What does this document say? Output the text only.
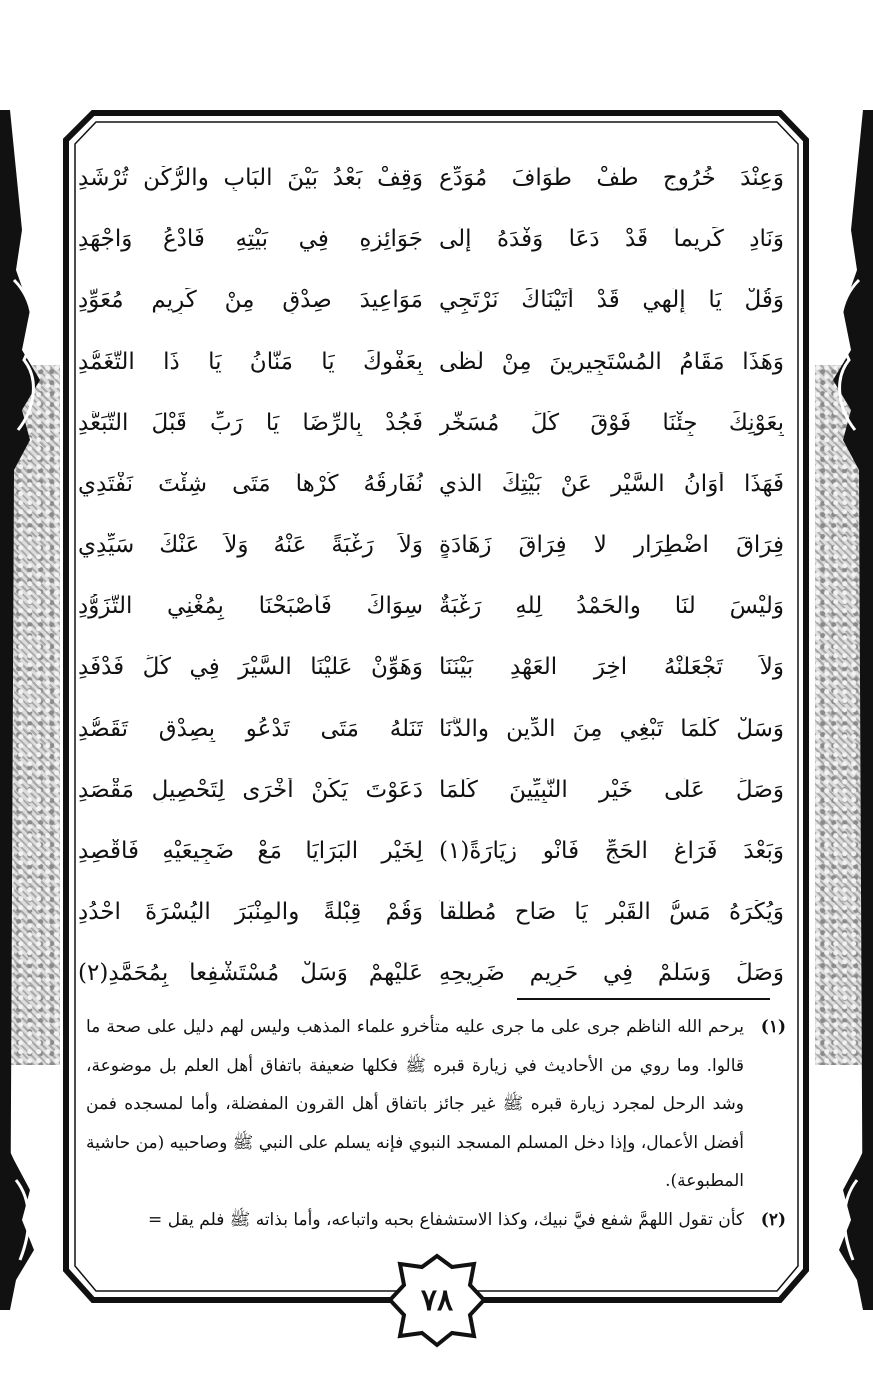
وَعِنْدَ خُرُوجٍ طُفْ طَوَافَ مُوَدِّعٍ
وَقِفْ بَعْدُ بَيْنَ البَابِ والرُّكْنِ تُرْشَدِ
وَنَادِ كَرِيماً قَدْ دَعَا وَفْدَهُ إِلَى
جَوَائِزِهِ فِي بَيْتِهِ فَادْعُ وَاجْهَدِ
وَقُلْ يَا إِلَهِي قَدْ أَتَيْنَاكَ نَرْتَجِي
مَوَاعِيدَ صِدْقٍ مِنْ كَرِيمٍ مُعَوِّدِ
وَهَذَا مَقَامُ المُسْتَجِيرِينَ مِنْ لَظَى
بِعَفْوِكَ يَا مَنَّانُ يَا ذَا التَّغَمُّدِ
بِعَوْنِكَ جِئْنَا فَوْقَ كُلِّ مُسَخَّرٍ
فَجُدْ بِالرِّضَا يَا رَبِّ قَبْلَ التَّبَعُّدِ
فَهَذَا أَوَانُ السَّيْرِ عَنْ بَيْتِكَ الذي
نُفَارِقُهُ كُرْهاً مَتَى شِئْتَ نَفْتَدِي
فِرَاقَ اضْطِرَارٍ لا فِرَاقَ زَهَادَةٍ
وَلاَ رَغْبَةً عَنْهُ وَلاَ عَنْكَ سَيِّدِي
وَلَيْسَ لَنَا والحَمْدُ لِلَّهِ رَغْبَةٌ
سِوَاكَ فَأَصْبَحْنَا بِمُغْنِي التَّزَوُّدِ
وَلاَ تَجْعَلَنْهُ آخِرَ العَهْدِ بَيْنَنَا
وَهَوِّنْ عَلَيْنَا السَّيْرَ فِي كُلِّ فَدْفَدِ
وَسَلْ كُلَّمَا تَبْغِي مِنَ الدِّينِ والدُّنَا
تَنَلْهُ مَتَى تَدْعُو بِصِدْقٍ تَقَصُّدِ
وَصَلِّ عَلَى خَيْرِ النَّبِيِّينَ كُلَّمَا
دَعَوْتَ يَكُنْ أُخْرَى لِتَحْصِيلِ مَقْصَدِ
وَبَعْدَ فَرَاغِ الحَجِّ فَانْوِ زِيَارَةً(١)
لِخَيْرِ البَرَايَا مَعْ ضَجِيعَيْهِ فَاقْصِدِ
وَيُكْرَهُ مَسُّ القَبْرِ يَا صَاحِ مُطْلَقاً
وَقُمْ قِبْلَةً والمِنْبَرَ اليُسْرَةَ احْدُدِ
وَصَلِّ وَسَلِّمْ فِي حَرِيمِ ضَرِيحِهِ
عَلَيْهِمْ وَسَلْ مُسْتَشْفِعاً بِمُحَمَّدِ(٢)
(١)
يرحم الله الناظم جرى على ما جرى عليه متأخرو علماء المذهب وليس لهم دليل على صحة ما قالوا. وما روي من الأحاديث في زيارة قبره ﷺ فكلها ضعيفة باتفاق أهل العلم بل موضوعة، وشد الرحل لمجرد زيارة قبره ﷺ غير جائز باتفاق أهل القرون المفضلة، وأما لمسجده فمن أفضل الأعمال، وإذا دخل المسلم المسجد النبوي فإنه يسلم على النبي ﷺ وصاحبيه (من حاشية المطبوعة).
(٢)
كأن تقول اللهمَّ شفع فيَّ نبيك، وكذا الاستشفاع بحبه واتباعه، وأما بذاته ﷺ فلم يقل =
٧٨
